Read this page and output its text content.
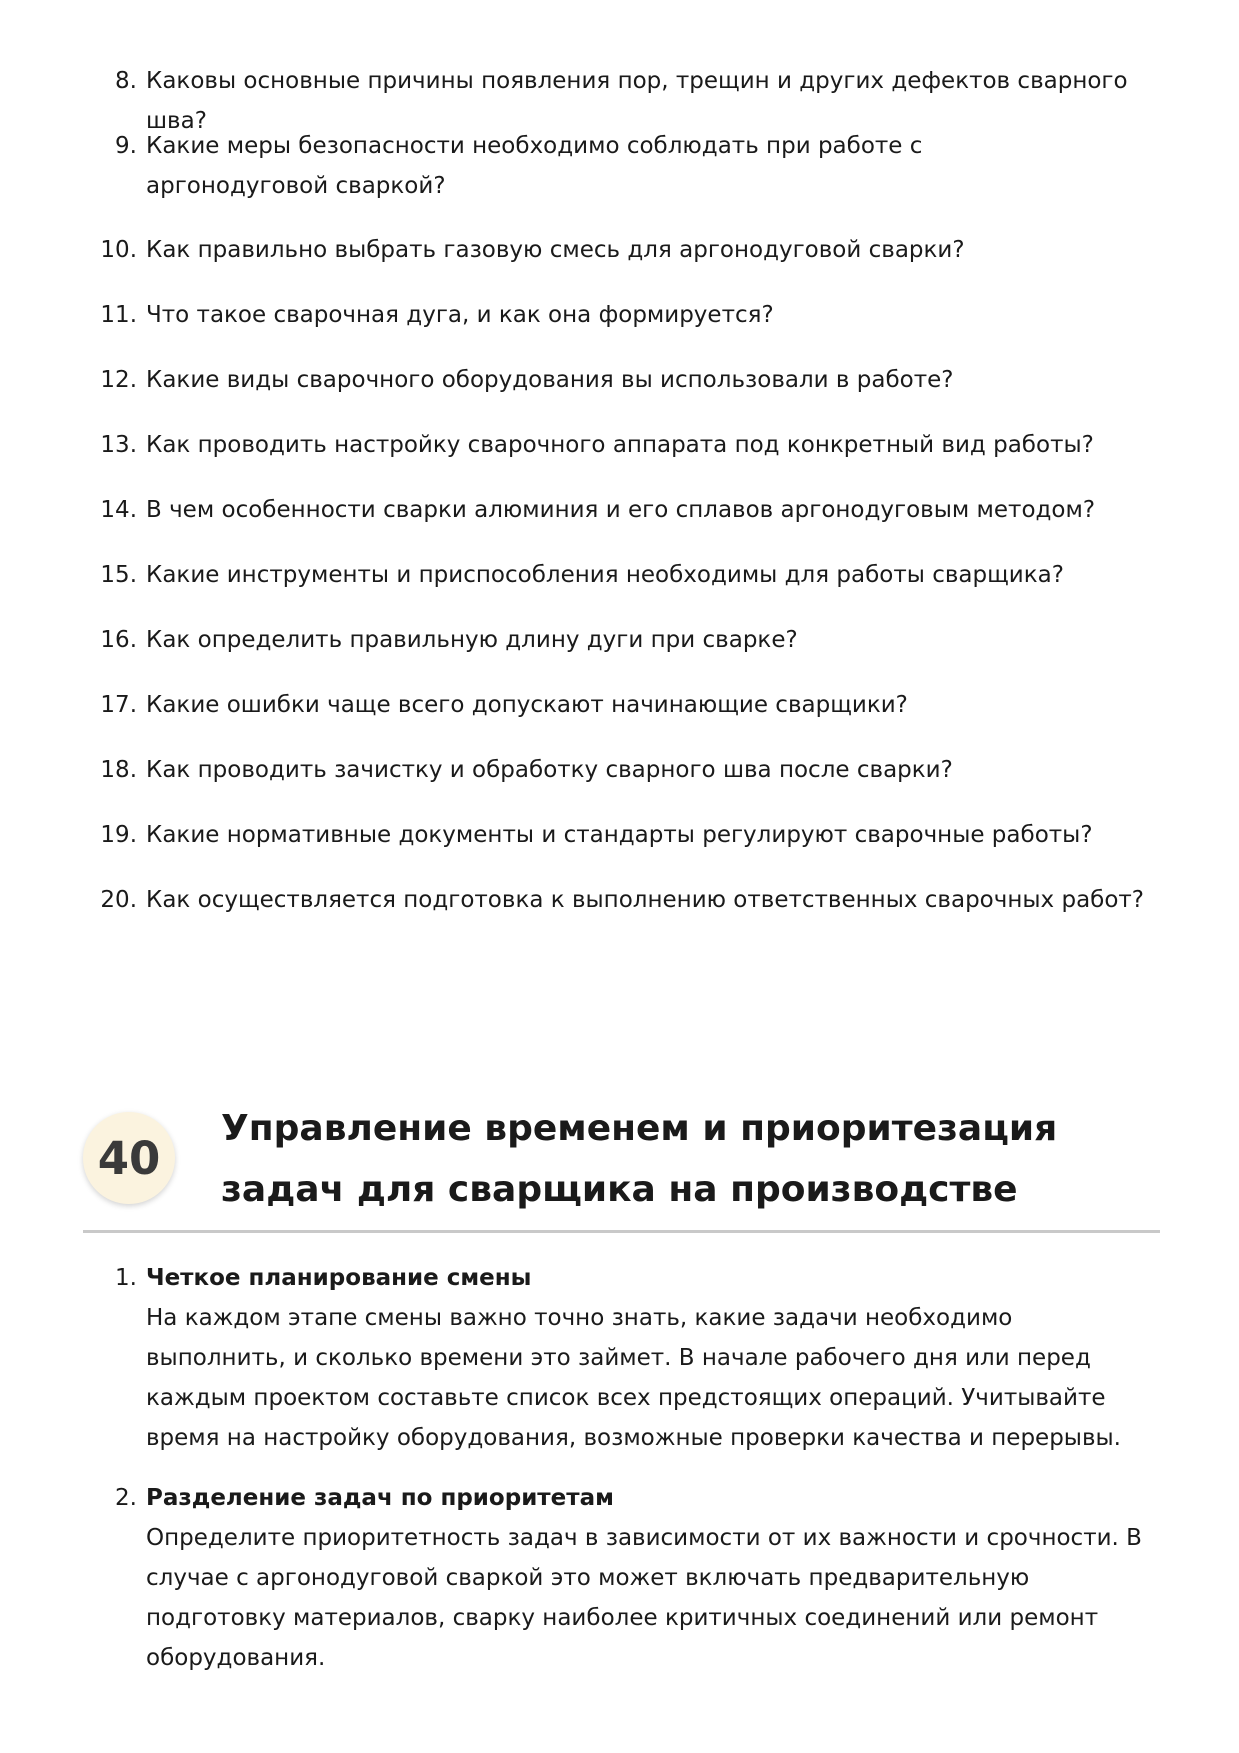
8. Каковы основные причины появления пор, трещин и других дефектов сварного шва?
9. Какие меры безопасности необходимо соблюдать при работе с аргонодуговой сваркой?
10. Как правильно выбрать газовую смесь для аргонодуговой сварки?
11. Что такое сварочная дуга, и как она формируется?
12. Какие виды сварочного оборудования вы использовали в работе?
13. Как проводить настройку сварочного аппарата под конкретный вид работы?
14. В чем особенности сварки алюминия и его сплавов аргонодуговым методом?
15. Какие инструменты и приспособления необходимы для работы сварщика?
16. Как определить правильную длину дуги при сварке?
17. Какие ошибки чаще всего допускают начинающие сварщики?
18. Как проводить зачистку и обработку сварного шва после сварки?
19. Какие нормативные документы и стандарты регулируют сварочные работы?
20. Как осуществляется подготовка к выполнению ответственных сварочных работ?
40
Управление временем и приоритезация задач для сварщика на производстве
1. Четкое планирование смены

На каждом этапе смены важно точно знать, какие задачи необходимо выполнить, и сколько времени это займет. В начале рабочего дня или перед каждым проектом составьте список всех предстоящих операций. Учитывайте время на настройку оборудования, возможные проверки качества и перерывы.

2. Разделение задач по приоритетам

Определите приоритетность задач в зависимости от их важности и срочности. В случае с аргонодуговой сваркой это может включать предварительную подготовку материалов, сварку наиболее критичных соединений или ремонт оборудования.
